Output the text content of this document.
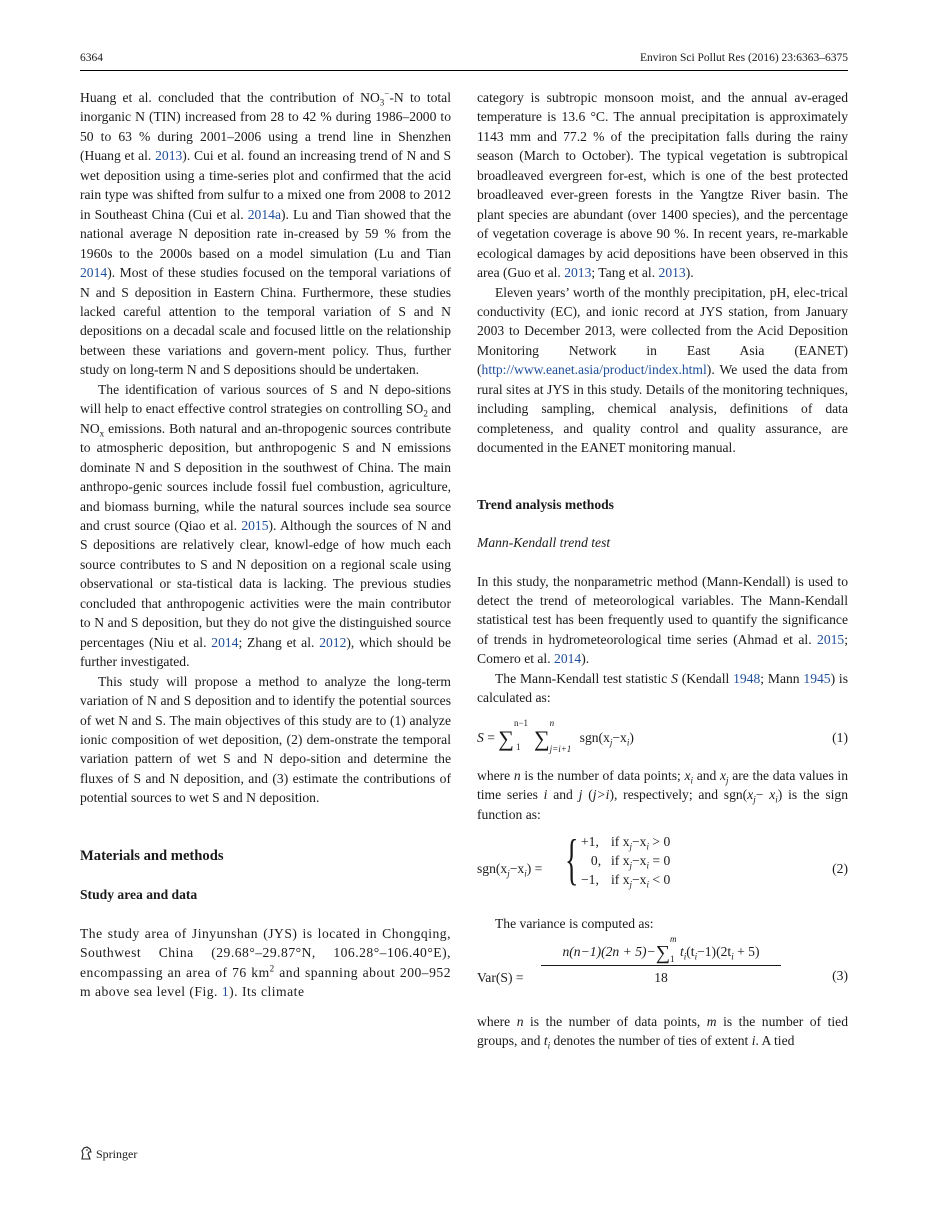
6364	Environ Sci Pollut Res (2016) 23:6363–6375

Huang et al. concluded that the contribution of $NO_3^--N$ to total inorganic N (TIN) increased from 28 to 42 % during 1986–2000 to 50 to 63 % during 2001–2006 using a trend line in Shenzhen (Huang et al. 2013). Cui et al. found an increasing trend of N and S wet deposition using a time-series plot and confirmed that the acid rain type was shifted from sulfur to a mixed one from 2008 to 2012 in Southeast China (Cui et al. 2014a). Lu and Tian showed that the national average N deposition rate in-creased by 59 % from the 1960s to the 2000s based on a model simulation (Lu and Tian 2014). Most of these studies focused on the temporal variations of N and S deposition in Eastern China. Furthermore, these studies lacked careful attention to the temporal variation of S and N depositions on a decadal scale and focused little on the relationship between these variations and govern-ment policy. Thus, further study on long-term N and S depositions should be undertaken.

The identification of various sources of S and N depo-sitions will help to enact effective control strategies on controlling $SO_2$ and $NO_x$ emissions. Both natural and an-thropogenic sources contribute to atmospheric deposition, but anthropogenic S and N emissions dominate N and S deposition in the southwest of China. The main anthropo-genic sources include fossil fuel combustion, agriculture, and biomass burning, while the natural sources include sea source and crust source (Qiao et al. 2015). Although the sources of N and S depositions are relatively clear, knowl-edge of how much each source contributes to S and N deposition on a regional scale using observational or sta-tistical data is lacking. The previous studies concluded that anthropogenic activities were the main contributor to N and S deposition, but they do not give the distinguished source percentages (Niu et al. 2014; Zhang et al. 2012), which should be further investigated.

This study will propose a method to analyze the long-term variation of N and S deposition and to identify the potential sources of wet N and S. The main objectives of this study are to (1) analyze ionic composition of wet deposition, (2) dem-onstrate the temporal variation pattern of wet S and N depo-sition and determine the fluxes of S and N deposition, and (3) estimate the contributions of potential sources to wet S and N deposition.

Materials and methods

Study area and data

The study area of Jinyunshan (JYS) is located in Chongqing, Southwest China (29.68°–29.87°N, 106.28°–106.40°E), encompassing an area of 76 $km^2$ and spanning about 200–952 m above sea level (Fig. 1). Its climate

category is subtropic monsoon moist, and the annual av-eraged temperature is 13.6 °C. The annual precipitation is approximately 1143 mm and 77.2 % of the precipitation falls during the rainy season (March to October). The typical vegetation is subtropical broadleaved evergreen for-est, which is one of the best protected broadleaved ever-green forests in the Yangtze River basin. The plant species are abundant (over 1400 species), and the percentage of vegetation coverage is above 90 %. In recent years, re-markable ecological damages by acid depositions have been observed in this area (Guo et al. 2013; Tang et al. 2013).

Eleven years’ worth of the monthly precipitation, pH, elec-trical conductivity (EC), and ionic record at JYS station, from January 2003 to December 2013, were collected from the Acid Deposition Monitoring Network in East Asia (EANET) (http://www.eanet.asia/product/index.html). We used the data from rural sites at JYS in this study. Details of the monitoring techniques, including sampling, chemical analysis, definitions of data completeness, and quality control and quality assurance, are documented in the EANET monitoring manual.

Trend analysis methods

Mann-Kendall trend test

In this study, the nonparametric method (Mann-Kendall) is used to detect the trend of meteorological variables. The Mann-Kendall statistical test has been frequently used to quantify the significance of trends in hydrometeorological time series (Ahmad et al. 2015; Comero et al. 2014).

The Mann-Kendall test statistic S (Kendall 1948; Mann 1945) is calculated as:

S = ∑
n−1
1 ∑
n
j=i+1
$sgn(x_j-x_i)$	(1)

where n is the number of data points; $x_i$ and $x_j$ are the data values in time series i and j (j>i), respectively; and $sgn(x_j- x_i)$ is the sign function as:

$sgn(x_j-x_i)$ = { +1, if $x_j-x_i > 0$
0, if $x_j-x_i = 0$
−1, if $x_j-x_i < 0$
(2)

The variance is computed as:

Var(S) =
n(n−1)(2n + 5)−∑
m
1 $t_i(t_i-1)(2t_i + 5)$
18	(3)

where n is the number of data points, m is the number of tied groups, and $t_i$ denotes the number of ties of extent i. A tied

Springer
